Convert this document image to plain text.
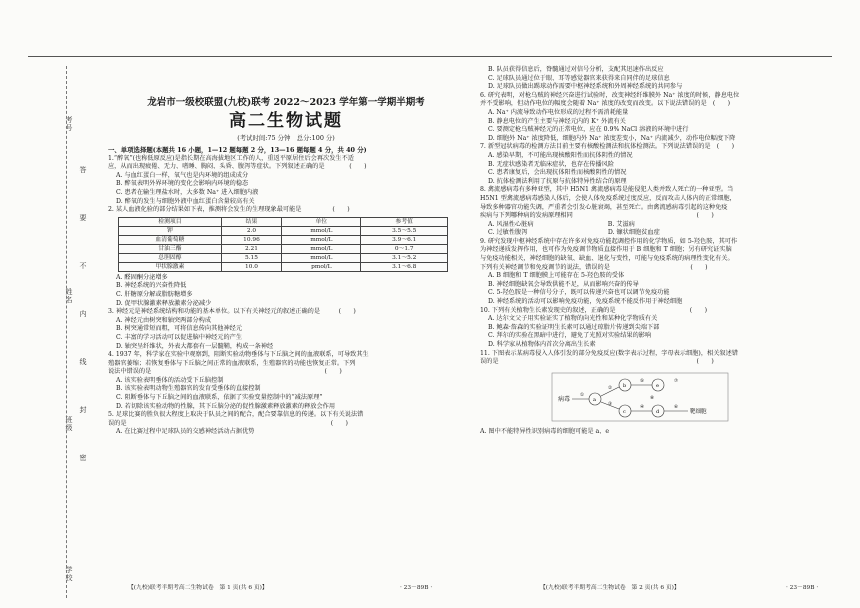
考号
姓名
班级
学校
答
要
不
内
线
封
密
龙岩市一级校联盟(九校)联考 2022～2023 学年第一学期半期考
高二生物试题
(考试时间:75 分钟　总分:100 分)
一、单项选择题(本题共 16 小题，1—12 题每题 2 分，13—16 题每题 4 分，共 40 分)
1.“醉氧”(也称低原反应)是指长期在高海拔地区工作的人，重返平原居住后会再次发生不适
应，从而出现疲倦、无力、嗜睡、胸闷、头昏、腹泻等症状。下列叙述正确的是　　　　(　　)
A. 与血红蛋白一样，氧气也是内环境的组成成分
B. 醉氧表明外界环境的变化会影响内环境的稳态
C. 患者在输生理盐水时，大多数 Na⁺ 进入细胞内液
D. 醉氧的发生与细胞外液中血红蛋白含量较高有关
2. 某人血液化验的部分结果如下表，推测将会发生的生理现象最可能是　　　　　(　　)
检测项目	结果	单位	参考值
钾	2.0	mmol/L	3.5～5.5
血清葡萄糖	10.96	mmol/L	3.9～6.1
甘油三酯	2.21	mmol/L	0～1.7
总胆固醇	5.15	mmol/L	3.1～5.2
甲状腺激素	10.0	pmol/L	3.1～6.8
A. 醛固酮分泌增多
B. 神经系统的兴奋性降低
C. 肝糖原分解或脂肪糖增多
D. 促甲状腺激素释放激素分泌减少
3. 神经元是神经系统结构和功能的基本单位。以下有关神经元的叙述正确的是　　　(　　)
A. 神经元由树突和轴突两部分构成
B. 树突通常短而粗，可将信息传向其他神经元
C. 丰富的学习活动可以促进脑中神经元的产生
D. 轴突呈纤维状，外表大都套有一层髓鞘，构成一条神经
4. 1937 年，科学家在实验中观察到，阻断实验动物垂体与下丘脑之间的血液联系，可导致其生
殖器官萎缩；若恢复垂体与下丘脑之间正常的血液联系，生殖器官的功能也恢复正常。下列
说法中错误的是　　　　　　　　　　　　　　　　　　　　　　　　　　　　(　　)
A. 该实验表明垂体的活动受下丘脑控制
B. 该实验表明动物生殖器官的发育受垂体的直接控制
C. 阻断垂体与下丘脑之间的血液联系，依据了实验变量控制中的“减法原理”
D. 若切除该实验动物的性腺，其下丘脑分泌的促性腺激素释放激素的释放会作用
5. 足球比赛的胜负很大程度上取决于队员之间的配合，配合要靠信息的传递。以下有关说法错
误的是　　　　　　　　　　　　　　　　　　　　　　　　　　　　　　　　　(　　)
A. 在比赛过程中足球队员的交感神经活动占据优势
B. 队员获得信息后，脊髓通过对信号分析，支配其迅速作出反应
C. 足球队员通过位于眼、耳等感觉器官来获得来自同伴的足球信息
D. 足球队员做出踢球动作需要中枢神经系统和外周神经系统的共同参与
6. 研究表明，对枪乌贼的神经兴奋进行试验时，改变神经纤维膜外 Na⁺ 浓度的时候，静息电位
并不受影响，但动作电位的幅度会随着 Na⁺ 浓度的改变而改变。以下说法错误的是　(　　)
A. Na⁺ 内流导致动作电位形成的过程不需消耗能量
B. 静息电位的产生主要与神经元内的 K⁺ 外流有关
C. 要测定枪乌贼神经元的正常电位，应在 0.9% NaCl 溶液的环境中进行
D. 细胞外 Na⁺ 浓度降低，细胞内外 Na⁺ 浓度差变小，Na⁺ 内流减少，动作电位幅度下降
7. 新型冠状病毒的检测方法目前主要有核酸检测法和抗体检测法。下列说法错误的是　(　　)
A. 感染早期，不可能出现核酸阳性而抗体阴性的情况
B. 无症状感染者无临床症状，也存在传播风险
C. 患者康复后，会出现抗体阳性而核酸阴性的情况
D. 抗体检测法利用了抗原与抗体特异性结合的原理
8. 禽流感病毒有多种亚型，其中 H5N1 禽流感病毒是能侵犯人类并致人死亡的一种亚型。当
H5N1 型禽流感病毒感染人体后，会使人体免疫系统过度反应，反而攻击人体内的正常细胞，
导致多种器官功能失调，严重者会引发心脏衰竭，甚至死亡。由禽流感病毒引起的这种免疫
疾病与下列哪种病的发病原理相同　　　　　　　　　　　　　　　　　　　　(　　)
A. 风湿性心脏病　　　　　　　　　　　　B. 艾滋病
C. 过敏性腹泻　　　　　　　　　　　　　D. 镰状细胞贫血症
9. 研究发现中枢神经系统中存在许多对免疫功能起调控作用的化学物质，如 5-羟色胺，其可作
为神经递质发挥作用，也可作为免疫调节物质直接作用于 B 细胞和 T 细胞；另有研究证实脑
与免疫功能相关，神经细胞的缺氧、缺血、退化与变性，可能与免疫系统的病理性变化有关。
下列有关神经调节和免疫调节的说法，错误的是　　　　　　　　　　　　　(　　)
A. B 细胞和 T 细胞膜上可能存在 5-羟色胺的受体
B. 神经细胞缺氧会导致供能不足，从而影响兴奋的传导
C. 5-羟色胺是一种信号分子，既可以传递兴奋也可以调节免疫功能
D. 神经系统的活动可以影响免疫功能，免疫系统不能反作用于神经细胞
10. 下列有关植物生长素发现史的叙述，正确的是　　　　　　　　　　　　(　　)
A. 达尔文父子用实验证实了植物的向光性和某种化学物质有关
B. 鲍森·詹森的实验证明生长素可以通过琼脂片传递到尖端下部
C. 拜尔的实验在黑暗中进行，避免了光照对实验结果的影响
D. 科学家从植物体内首次分离出生长素
11. 下图表示某病毒侵入人体引发的部分免疫反应(数字表示过程，字母表示细胞)，相关叙述错
误的是　　　　　　　　　　　　　　　　　　　　　　　　　　　　　　　　(　　)
病毒	a
b
c	d
e
①
②
③
④
⑤
⑥
⑦
⑧
靶细胞
A. 图中不能特异性识别病毒的细胞可能是 a、e
【(九校)联考半期考高二生物试卷　第 1 页(共 6 页)】	· 23－89B ·	【(九校)联考半期考高二生物试卷　第 2 页(共 6 页)】	· 23－89B ·
